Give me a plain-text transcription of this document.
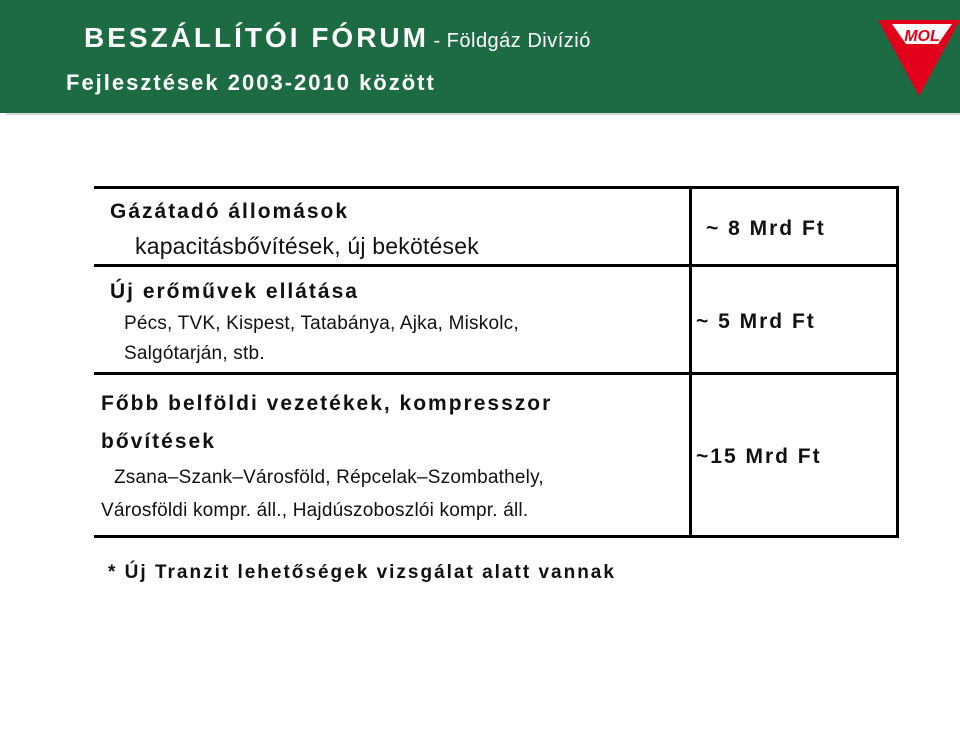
BESZÁLLÍTÓI FÓRUM - Földgáz Divízió
Fejlesztések 2003-2010 között
MOL
Gázátadó állomások
kapacitásbővítések, új bekötések
~ 8 Mrd Ft
Új erőművek ellátása
Pécs, TVK, Kispest, Tatabánya, Ajka, Miskolc,
Salgótarján, stb.
~ 5 Mrd Ft
Főbb belföldi vezetékek, kompresszor
bővítések
Zsana–Szank–Városföld, Répcelak–Szombathely,
Városföldi kompr. áll., Hajdúszoboszlói kompr. áll.
~15 Mrd Ft
* Új Tranzit lehetőségek vizsgálat alatt vannak
